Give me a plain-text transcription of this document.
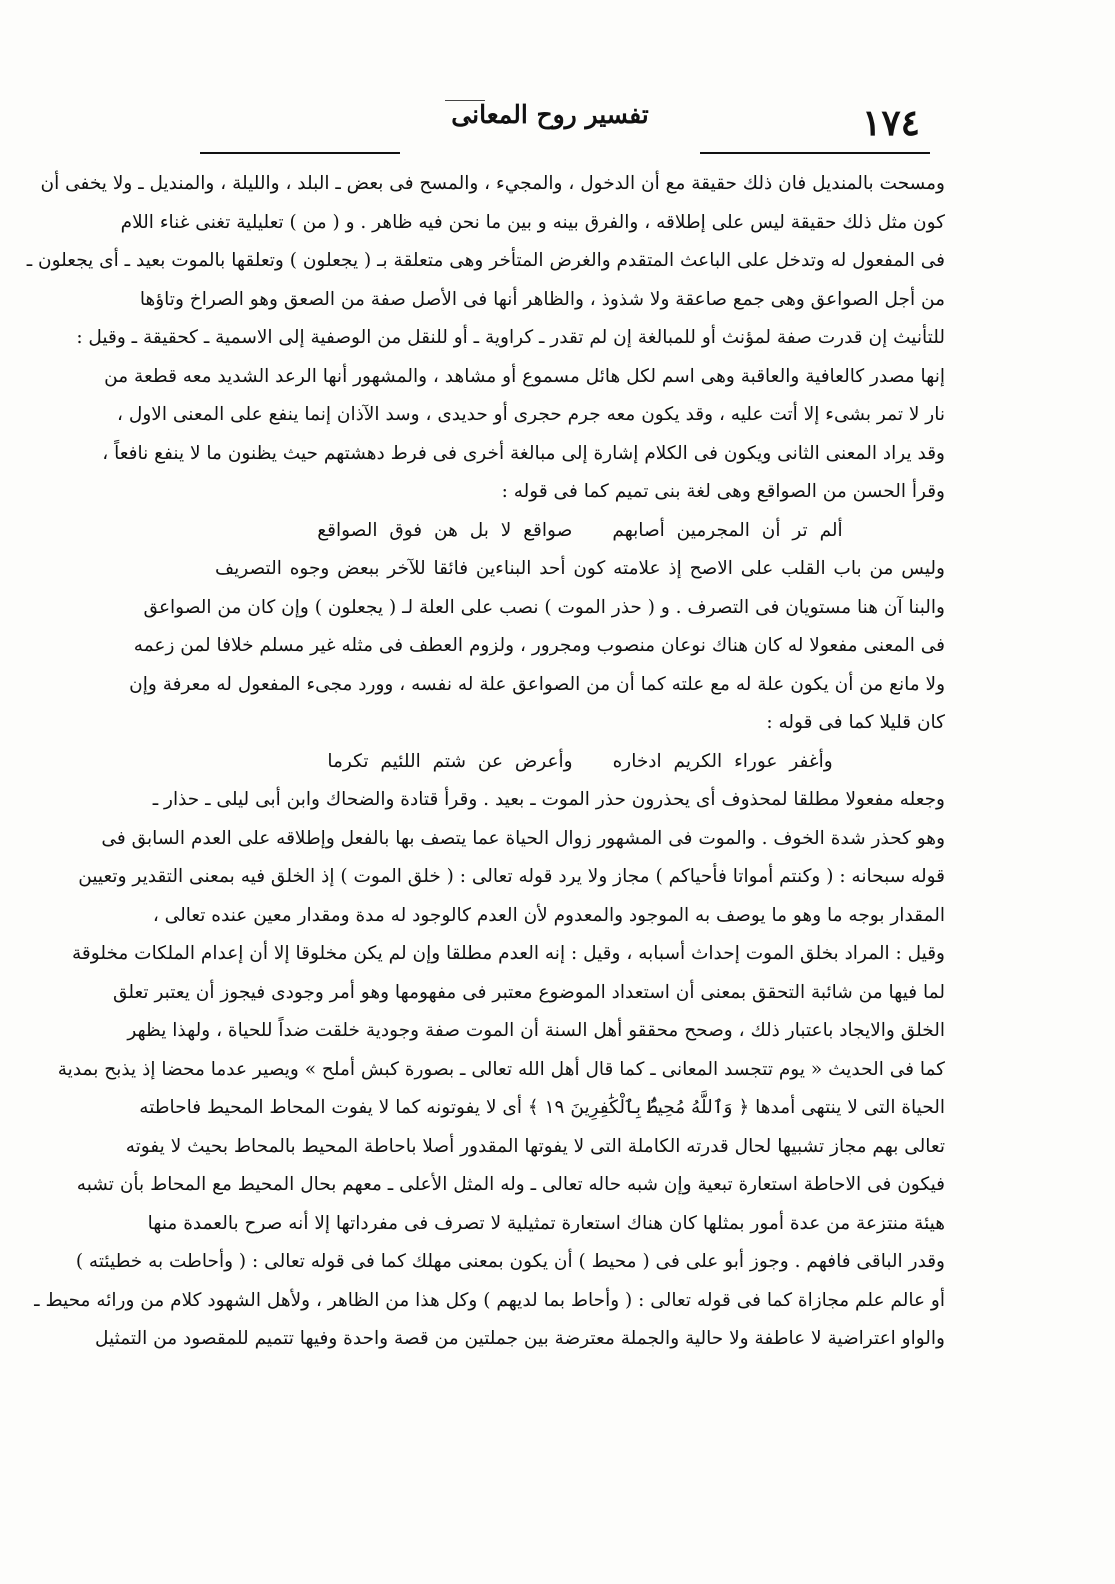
تفسير روح المعانى	١٧٤
ومسحت بالمنديل فان ذلك حقيقة مع أن الدخول ، والمجيء ، والمسح فى بعض ـ البلد ، والليلة ، والمنديل ـ ولا يخفى أن
كون مثل ذلك حقيقة ليس على إطلاقه ، والفرق بينه و بين ما نحن فيه ظاهر . و ( من ) تعليلية تغنى غناء اللام
فى المفعول له وتدخل على الباعث المتقدم والغرض المتأخر وهى متعلقة بـ ( يجعلون ) وتعلقها بالموت بعيد ـ أى يجعلون ـ
من أجل الصواعق وهى جمع صاعقة ولا شذوذ ، والظاهر أنها فى الأصل صفة من الصعق وهو الصراخ وتاؤها
للتأنيث إن قدرت صفة لمؤنث أو للمبالغة إن لم تقدر ـ كراوية ـ أو للنقل من الوصفية إلى الاسمية ـ كحقيقة ـ وقيل :
إنها مصدر كالعافية والعاقبة وهى اسم لكل هائل مسموع أو مشاهد ، والمشهور أنها الرعد الشديد معه قطعة من
نار لا تمر بشىء إلا أتت عليه ، وقد يكون معه جرم حجرى أو حديدى ، وسد الآذان إنما ينفع على المعنى الاول ،
وقد يراد المعنى الثانى ويكون فى الكلام إشارة إلى مبالغة أخرى فى فرط دهشتهم حيث يظنون ما لا ينفع نافعاً ،
وقرأ الحسن من الصواقع وهى لغة بنى تميم كما فى قوله :
ألم تر أن المجرمين أصابهمصواقع لا بل هن فوق الصواقع
وليس من باب القلب على الاصح إذ علامته كون أحد البناءين فائقا للآخر ببعض وجوه التصريف
والبنا آن هنا مستويان فى التصرف . و ( حذر الموت ) نصب على العلة لـ ( يجعلون ) وإن كان من الصواعق
فى المعنى مفعولا له كان هناك نوعان منصوب ومجرور ، ولزوم العطف فى مثله غير مسلم خلافا لمن زعمه
ولا مانع من أن يكون علة له مع علته كما أن من الصواعق علة له نفسه ، وورد مجىء المفعول له معرفة وإن
كان قليلا كما فى قوله :
وأغفر عوراء الكريم ادخارهوأعرض عن شتم اللئيم تكرما
وجعله مفعولا مطلقا لمحذوف أى يحذرون حذر الموت ـ بعيد . وقرأ قتادة والضحاك وابن أبى ليلى ـ حذار ـ
وهو كحذر شدة الخوف . والموت فى المشهور زوال الحياة عما يتصف بها بالفعل وإطلاقه على العدم السابق فى
قوله سبحانه : ( وكنتم أمواتا فأحياكم ) مجاز ولا يرد قوله تعالى : ( خلق الموت ) إذ الخلق فيه بمعنى التقدير وتعيين
المقدار بوجه ما وهو ما يوصف به الموجود والمعدوم لأن العدم كالوجود له مدة ومقدار معين عنده تعالى ،
وقيل : المراد بخلق الموت إحداث أسبابه ، وقيل : إنه العدم مطلقا وإن لم يكن مخلوقا إلا أن إعدام الملكات مخلوقة
لما فيها من شائبة التحقق بمعنى أن استعداد الموضوع معتبر فى مفهومها وهو أمر وجودى فيجوز أن يعتبر تعلق
الخلق والايجاد باعتبار ذلك ، وصحح محققو أهل السنة أن الموت صفة وجودية خلقت ضداً للحياة ، ولهذا يظهر
كما فى الحديث « يوم تتجسد المعانى ـ كما قال أهل الله تعالى ـ بصورة كبش أملح » ويصير عدما محضا إذ يذبح بمدية
الحياة التى لا ينتهى أمدها ﴿ وَٱللَّهُ مُحِيطٌۢ بِٱلْكَٰفِرِينَ ١٩ ﴾ أى لا يفوتونه كما لا يفوت المحاط المحيط فاحاطته
تعالى بهم مجاز تشبيها لحال قدرته الكاملة التى لا يفوتها المقدور أصلا باحاطة المحيط بالمحاط بحيث لا يفوته
فيكون فى الاحاطة استعارة تبعية وإن شبه حاله تعالى ـ وله المثل الأعلى ـ معهم بحال المحيط مع المحاط بأن تشبه
هيئة منتزعة من عدة أمور بمثلها كان هناك استعارة تمثيلية لا تصرف فى مفرداتها إلا أنه صرح بالعمدة منها
وقدر الباقى فافهم . وجوز أبو على فى ( محيط ) أن يكون بمعنى مهلك كما فى قوله تعالى : ( وأحاطت به خطيئته )
أو عالم علم مجازاة كما فى قوله تعالى : ( وأحاط بما لديهم ) وكل هذا من الظاهر ، ولأهل الشهود كلام من ورائه محيط ـ
والواو اعتراضية لا عاطفة ولا حالية والجملة معترضة بين جملتين من قصة واحدة وفيها تتميم للمقصود من التمثيل
